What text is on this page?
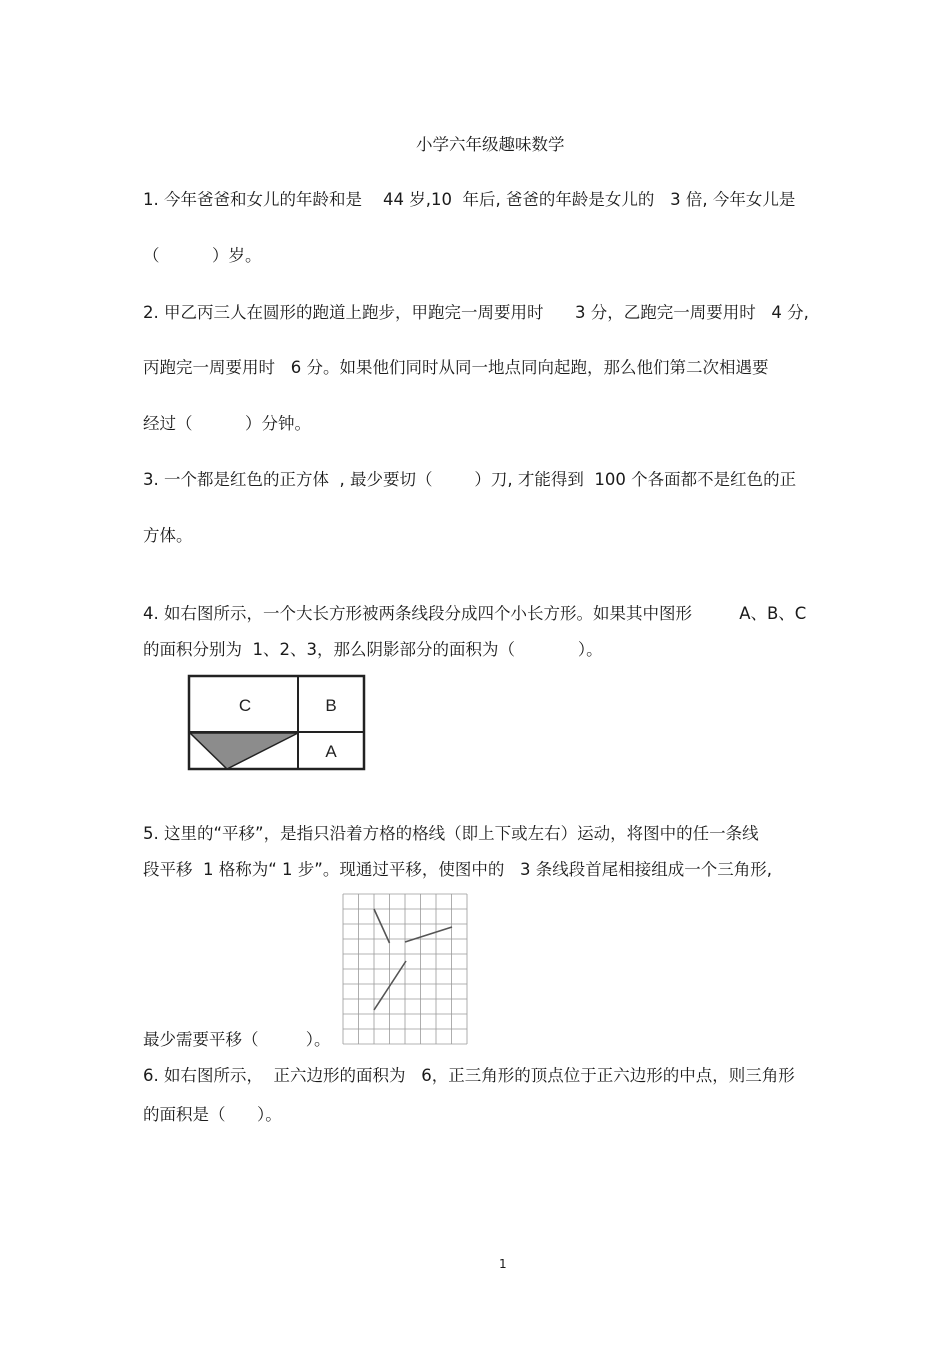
小学六年级趣味数学

1. 今年爸爸和女儿的年龄和是    44 岁,10  年后, 爸爸的年龄是女儿的   3 倍, 今年女儿是

（          ）岁。

2. 甲乙丙三人在圆形的跑道上跑步，甲跑完一周要用时      3 分，乙跑完一周要用时   4 分,

丙跑完一周要用时   6 分。如果他们同时从同一地点同向起跑，那么他们第二次相遇要

经过（          ）分钟。

3. 一个都是红色的正方体  , 最少要切（        ）刀, 才能得到  100 个各面都不是红色的正

方体。

4. 如右图所示，一个大长方形被两条线段分成四个小长方形。如果其中图形         A、B、C

的面积分别为  1、2、3，那么阴影部分的面积为（            ）。

C	B
A

5. 这里的“平移”，是指只沿着方格的格线（即上下或左右）运动，将图中的任一条线

段平移  1 格称为“ 1 步”。现通过平移，使图中的   3 条线段首尾相接组成一个三角形,

最少需要平移（         ）。

6. 如右图所示，  正六边形的面积为   6，正三角形的顶点位于正六边形的中点，则三角形

的面积是（      ）。

1
